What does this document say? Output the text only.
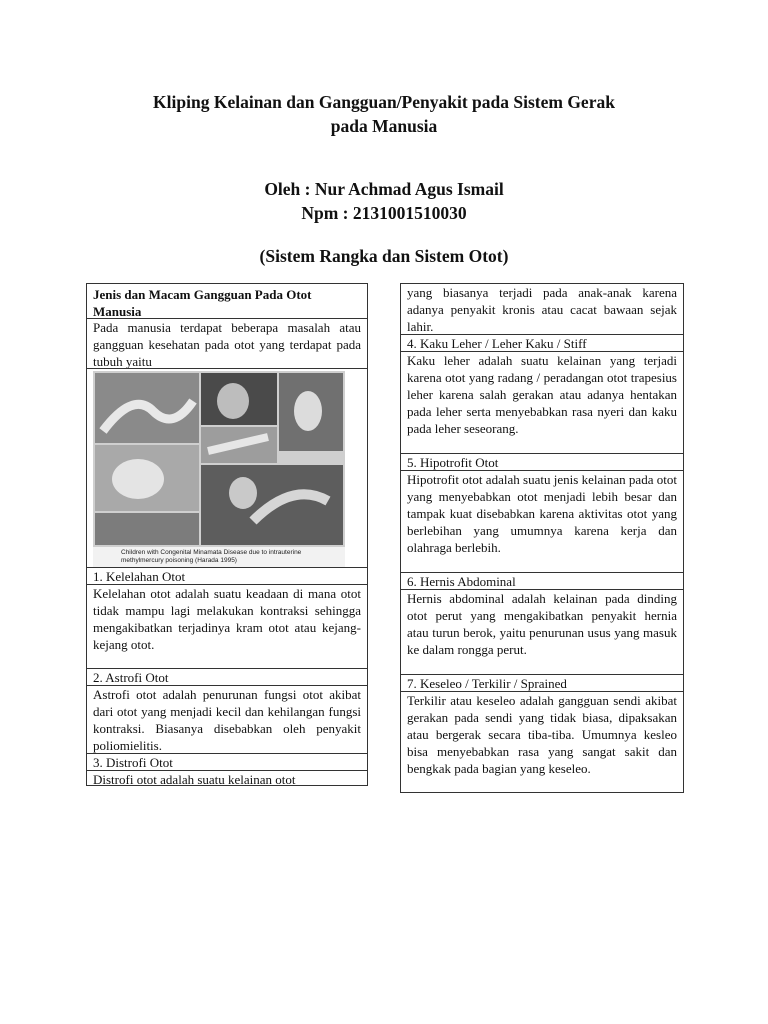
Kliping Kelainan dan Gangguan/Penyakit pada Sistem Gerak
pada Manusia
Oleh : Nur Achmad Agus Ismail
Npm : 2131001510030
(Sistem Rangka dan Sistem Otot)
Jenis dan Macam Gangguan Pada Otot Manusia
Pada manusia terdapat beberapa masalah atau gangguan kesehatan pada otot yang terdapat pada tubuh yaitu
Children with Congenital Minamata Disease due to intrauterine methylmercury poisoning (Harada 1995)
1. Kelelahan Otot
Kelelahan otot adalah suatu keadaan di mana otot tidak mampu lagi melakukan kontraksi sehingga mengakibatkan terjadinya kram otot atau kejang-kejang otot.
2. Astrofi Otot
Astrofi otot adalah penurunan fungsi otot akibat dari otot yang menjadi kecil dan kehilangan fungsi kontraksi. Biasanya disebabkan oleh penyakit poliomielitis.
3. Distrofi Otot
Distrofi otot adalah suatu kelainan otot
yang biasanya terjadi pada anak-anak karena adanya penyakit kronis atau cacat bawaan sejak lahir.
4. Kaku Leher / Leher Kaku / Stiff
Kaku leher adalah suatu kelainan yang terjadi karena otot yang radang / peradangan otot trapesius leher karena salah gerakan atau adanya hentakan pada leher serta menyebabkan rasa nyeri dan kaku pada leher seseorang.
5. Hipotrofit Otot
Hipotrofit otot adalah suatu jenis kelainan pada otot yang menyebabkan otot menjadi lebih besar dan tampak kuat disebabkan karena aktivitas otot yang berlebihan yang umumnya karena kerja dan olahraga berlebih.
6. Hernis Abdominal
Hernis abdominal adalah kelainan pada dinding otot perut yang mengakibatkan penyakit hernia atau turun berok, yaitu penurunan usus yang masuk ke dalam rongga perut.
7. Keseleo / Terkilir / Sprained
Terkilir atau keseleo adalah gangguan sendi akibat gerakan pada sendi yang tidak biasa, dipaksakan atau bergerak secara tiba-tiba. Umumnya kesleo bisa menyebabkan rasa yang sangat sakit dan bengkak pada bagian yang keseleo.
